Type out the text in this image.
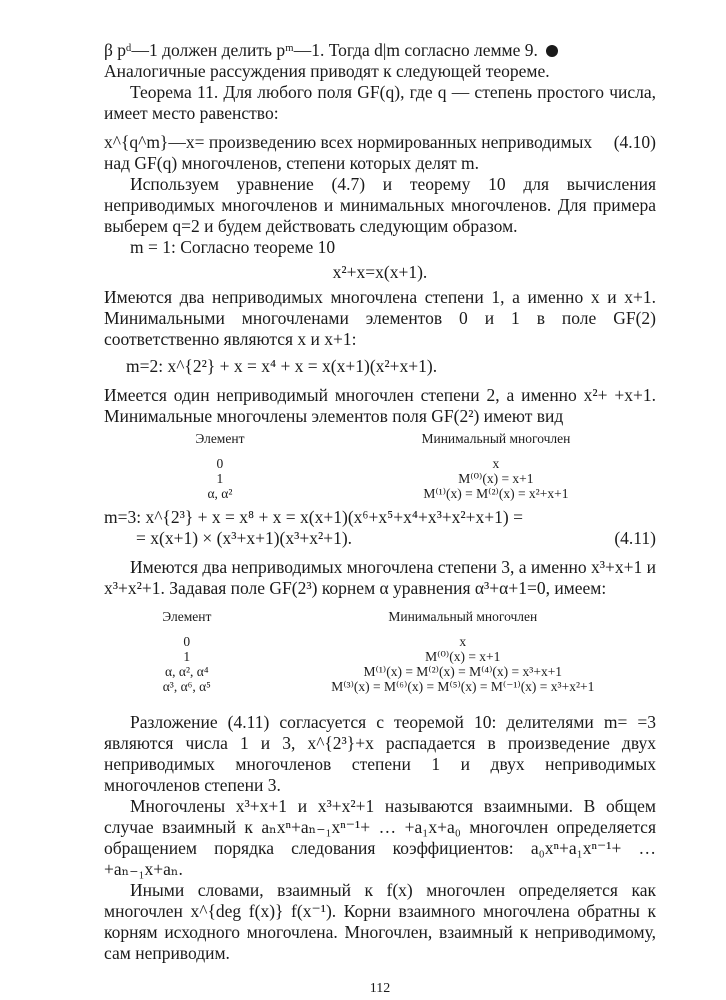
β pᵈ—1 должен делить pᵐ—1. Тогда d|m согласно лемме 9.

Аналогичные рассуждения приводят к следующей теореме.

Теорема 11. Для любого поля GF(q), где q — степень простого числа, имеет место равенство:

x^{q^m}—x= произведению всех нормированных неприводимых
над GF(q) многочленов, степени которых делят m.
(4.10)

Используем уравнение (4.7) и теорему 10 для вычисления неприводимых многочленов и минимальных многочленов. Для примера выберем q=2 и будем действовать следующим образом.

m = 1: Согласно теореме 10

x²+x=x(x+1).

Имеются два неприводимых многочлена степени 1, а именно x и x+1. Минимальными многочленами элементов 0 и 1 в поле GF(2) соответственно являются x и x+1:

m=2: x^{2²} + x = x⁴ + x = x(x+1)(x²+x+1).

Имеется один неприводимый многочлен степени 2, а именно x²+ +x+1. Минимальные многочлены элементов поля GF(2²) имеют вид

Элемент	Минимальный многочлен
0	x
1	M⁽⁰⁾(x) = x+1
α, α²	M⁽¹⁾(x) = M⁽²⁾(x) = x²+x+1
m=3: x^{2³} + x = x⁸ + x = x(x+1)(x⁶+x⁵+x⁴+x³+x²+x+1) =
= x(x+1) × (x³+x+1)(x³+x²+1).	(4.11)

Имеются два неприводимых многочлена степени 3, а именно x³+x+1 и x³+x²+1. Задавая поле GF(2³) корнем α уравнения α³+α+1=0, имеем:

Элемент	Минимальный многочлен
0	x
1	M⁽⁰⁾(x) = x+1
α, α², α⁴	M⁽¹⁾(x) = M⁽²⁾(x) = M⁽⁴⁾(x) = x³+x+1
α³, α⁶, α⁵	M⁽³⁾(x) = M⁽⁶⁾(x) = M⁽⁵⁾(x) = M⁽⁻¹⁾(x) = x³+x²+1

Разложение (4.11) согласуется с теоремой 10: делителями m= =3 являются числа 1 и 3, x^{2³}+x распадается в произведение двух неприводимых многочленов степени 1 и двух неприводимых многочленов степени 3.

Многочлены x³+x+1 и x³+x²+1 называются взаимными. В общем случае взаимный к aₙxⁿ+aₙ₋₁xⁿ⁻¹+ … +a₁x+a₀ многочлен определяется обращением порядка следования коэффициентов: a₀xⁿ+a₁xⁿ⁻¹+ … +aₙ₋₁x+aₙ.

Иными словами, взаимный к f(x) многочлен определяется как многочлен x^{deg f(x)} f(x⁻¹). Корни взаимного многочлена обратны к корням исходного многочлена. Многочлен, взаимный к неприводимому, сам неприводим.

112
